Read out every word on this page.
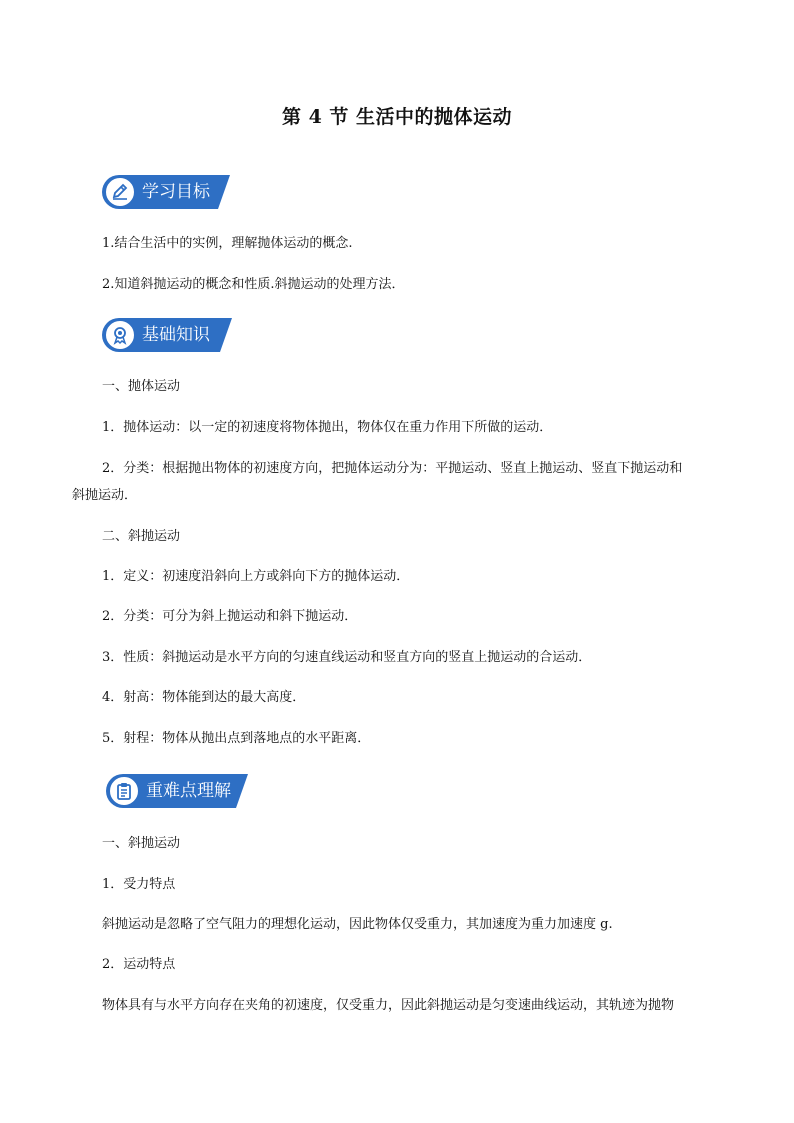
第 4 节 生活中的抛体运动
学习目标
1.结合生活中的实例，理解抛体运动的概念.
2.知道斜抛运动的概念和性质.斜抛运动的处理方法．
基础知识
一、抛体运动
1．抛体运动：以一定的初速度将物体抛出，物体仅在重力作用下所做的运动．
2．分类：根据抛出物体的初速度方向，把抛体运动分为：平抛运动、竖直上抛运动、竖直下抛运动和
斜抛运动．
二、斜抛运动
1．定义：初速度沿斜向上方或斜向下方的抛体运动．
2．分类：可分为斜上抛运动和斜下抛运动．
3．性质：斜抛运动是水平方向的匀速直线运动和竖直方向的竖直上抛运动的合运动．
4．射高：物体能到达的最大高度．
5．射程：物体从抛出点到落地点的水平距离．
重难点理解
一、斜抛运动
1．受力特点
斜抛运动是忽略了空气阻力的理想化运动，因此物体仅受重力，其加速度为重力加速度 g.
2．运动特点
物体具有与水平方向存在夹角的初速度，仅受重力，因此斜抛运动是匀变速曲线运动，其轨迹为抛物
